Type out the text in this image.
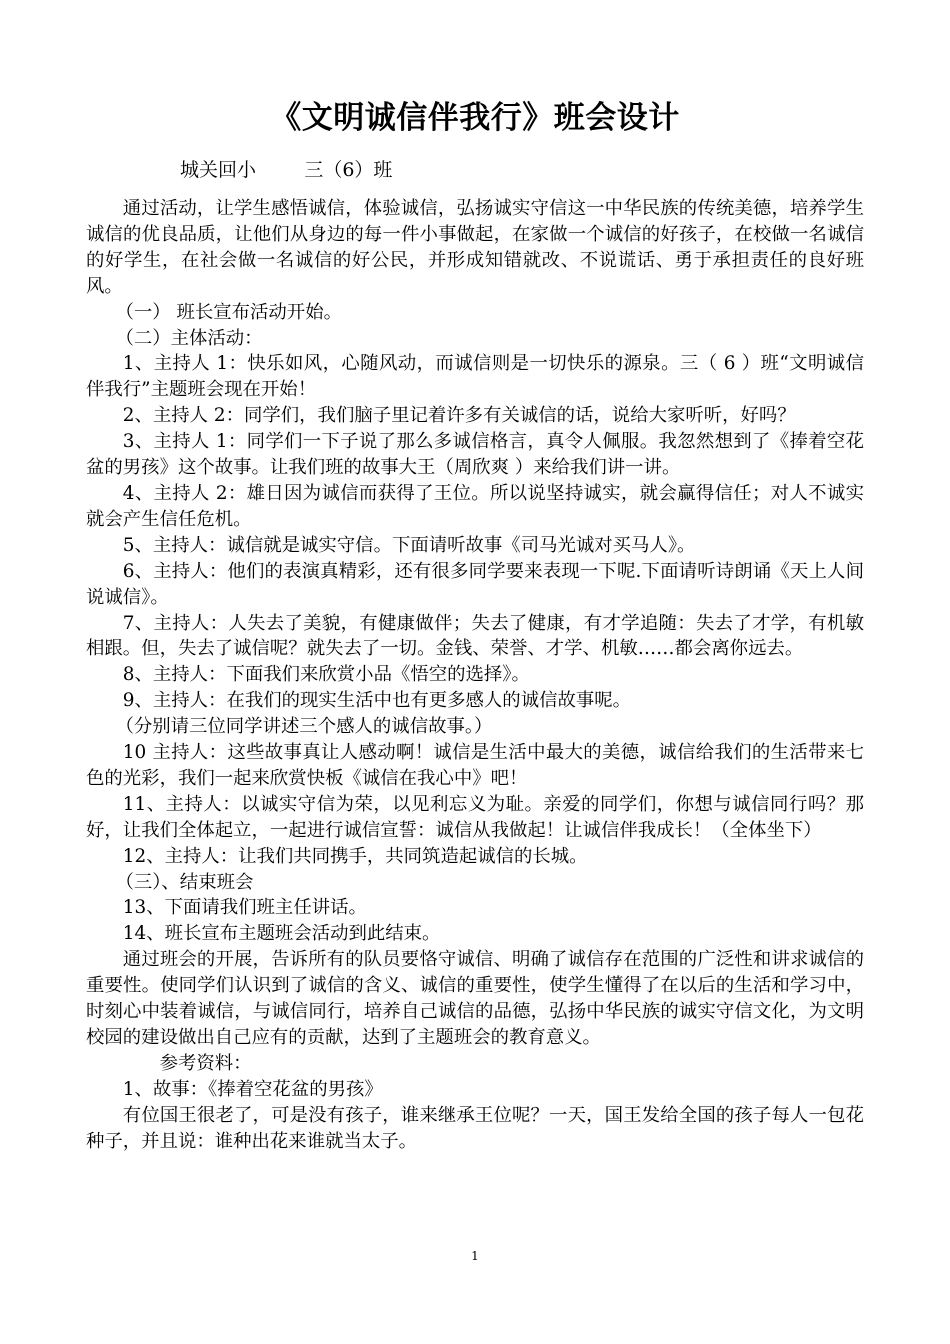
《文明诚信伴我行》班会设计
城关回小        三（6）班

通过活动，让学生感悟诚信，体验诚信，弘扬诚实守信这一中华民族的传统美德，培养学生诚信的优良品质，让他们从身边的每一件小事做起，在家做一个诚信的好孩子，在校做一名诚信的好学生，在社会做一名诚信的好公民，并形成知错就改、不说谎话、勇于承担责任的良好班风。

（一） 班长宣布活动开始。

（二）主体活动：

1、主持人 1：快乐如风，心随风动，而诚信则是一切快乐的源泉。三（ 6 ）班“文明诚信伴我行”主题班会现在开始！

2、主持人 2：同学们，我们脑子里记着许多有关诚信的话，说给大家听听，好吗？

3、主持人 1：同学们一下子说了那么多诚信格言，真令人佩服。我忽然想到了《捧着空花盆的男孩》这个故事。让我们班的故事大王（周欣爽 ）来给我们讲一讲。

4、主持人 2：雄日因为诚信而获得了王位。所以说坚持诚实，就会赢得信任；对人不诚实就会产生信任危机。

5、主持人：诚信就是诚实守信。下面请听故事《司马光诚对买马人》。

6、主持人：他们的表演真精彩，还有很多同学要来表现一下呢.下面请听诗朗诵《天上人间说诚信》。

7、主持人：人失去了美貌，有健康做伴；失去了健康，有才学追随：失去了才学，有机敏相跟。但，失去了诚信呢？就失去了一切。金钱、荣誉、才学、机敏……都会离你远去。

8、主持人：下面我们来欣赏小品《悟空的选择》。

9、主持人：在我们的现实生活中也有更多感人的诚信故事呢。

（分别请三位同学讲述三个感人的诚信故事。）

10 主持人：这些故事真让人感动啊！诚信是生活中最大的美德，诚信给我们的生活带来七色的光彩，我们一起来欣赏快板《诚信在我心中》吧！

11、主持人：以诚实守信为荣，以见利忘义为耻。亲爱的同学们，你想与诚信同行吗？那好，让我们全体起立，一起进行诚信宣誓：诚信从我做起！让诚信伴我成长！（全体坐下）

12、主持人：让我们共同携手，共同筑造起诚信的长城。

（三）、结束班会

13、下面请我们班主任讲话。

14、班长宣布主题班会活动到此结束。

通过班会的开展，告诉所有的队员要恪守诚信、明确了诚信存在范围的广泛性和讲求诚信的重要性。使同学们认识到了诚信的含义、诚信的重要性，使学生懂得了在以后的生活和学习中，时刻心中装着诚信，与诚信同行，培养自己诚信的品德，弘扬中华民族的诚实守信文化，为文明校园的建设做出自己应有的贡献，达到了主题班会的教育意义。

参考资料：

1、故事：《捧着空花盆的男孩》

有位国王很老了，可是没有孩子，谁来继承王位呢？一天，国王发给全国的孩子每人一包花种子，并且说：谁种出花来谁就当太子。

1
